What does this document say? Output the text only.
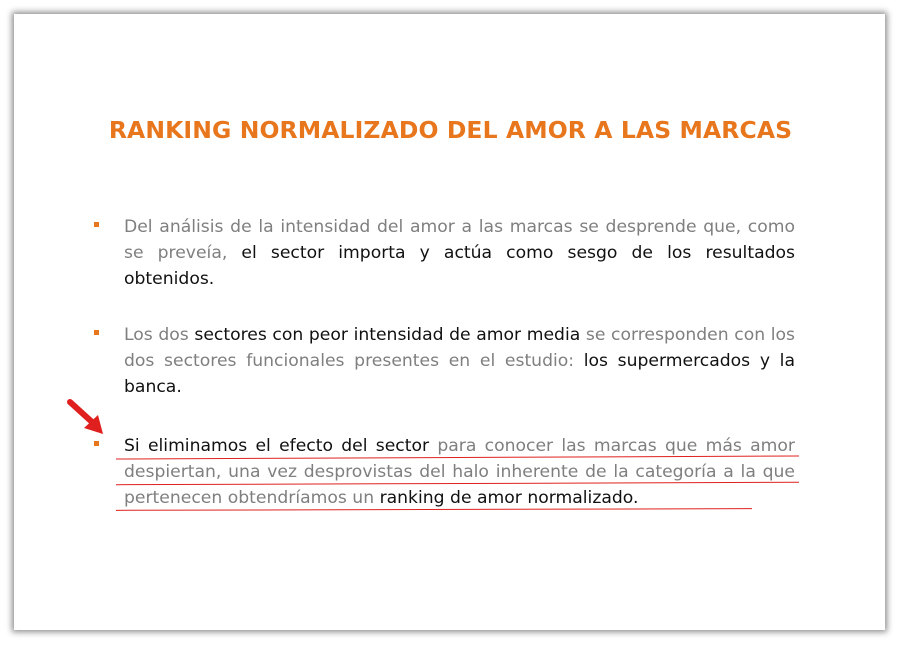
RANKING NORMALIZADO DEL AMOR A LAS MARCAS
Del análisis de la intensidad del amor a las marcas se desprende que, como se preveía, el sector importa y actúa como sesgo de los resultados obtenidos.
Los dos sectores con peor intensidad de amor media se corresponden con los dos sectores funcionales presentes en el estudio: los supermercados y la banca.
Si eliminamos el efecto del sector para conocer las marcas que más amor despiertan, una vez desprovistas del halo inherente de la categoría a la que pertenecen obtendríamos un ranking de amor normalizado.
